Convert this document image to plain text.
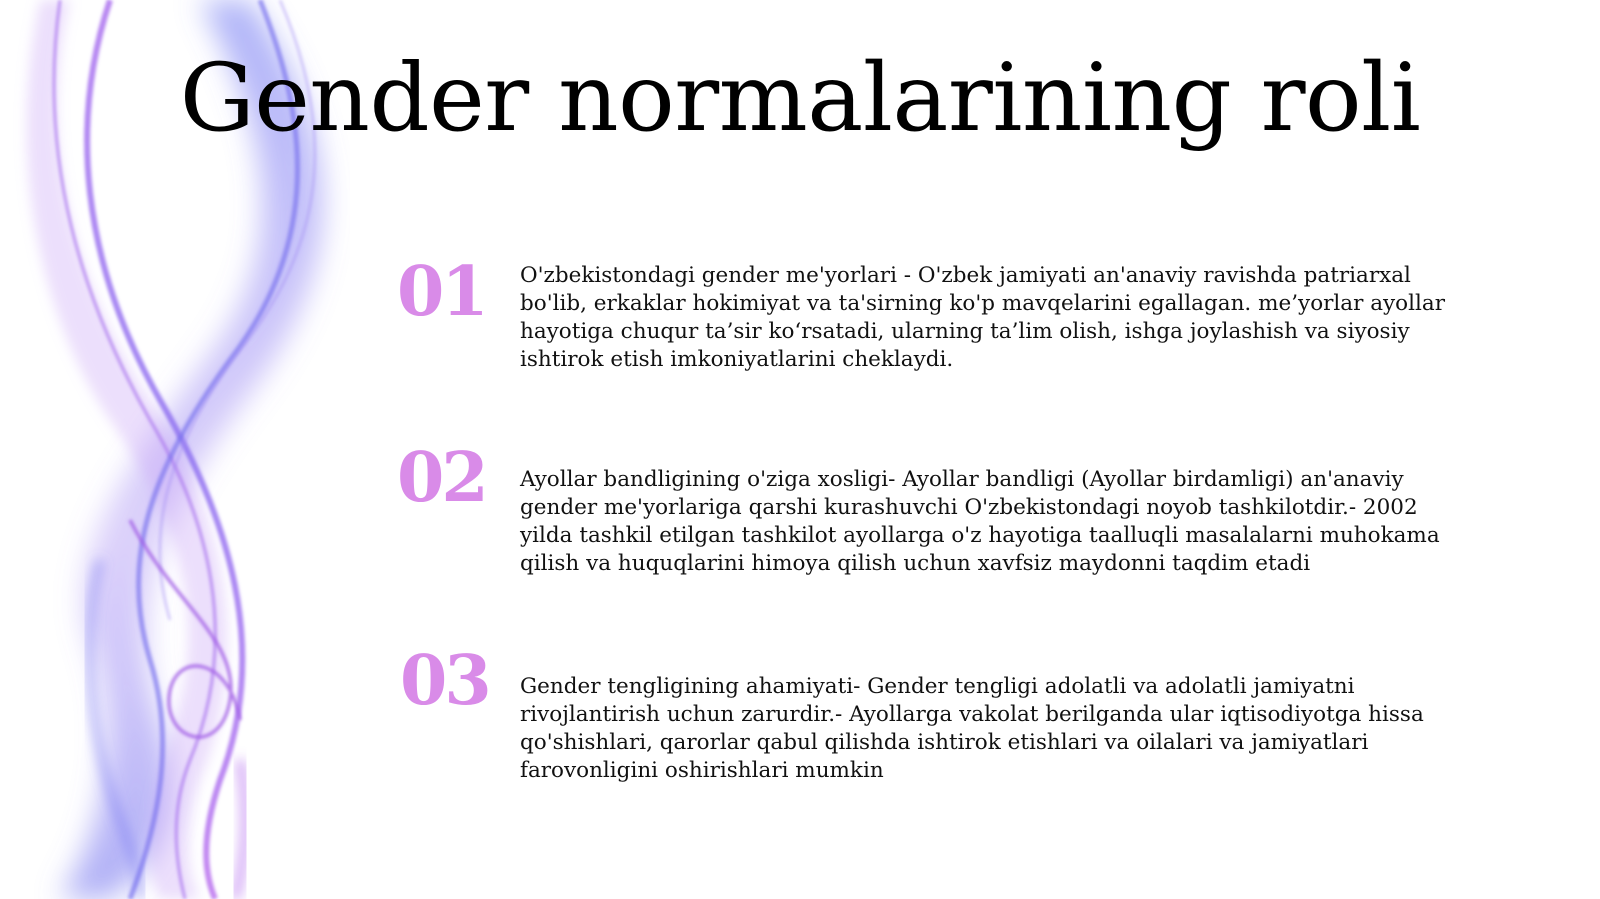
Gender normalarining roli
01	O'zbekistondagi gender me'yorlari - O'zbek jamiyati an'anaviy ravishda patriarxal bo'lib, erkaklar hokimiyat va ta'sirning ko'p mavqelarini egallagan. me’yorlar ayollar hayotiga chuqur ta’sir ko‘rsatadi, ularning ta’lim olish, ishga joylashish va siyosiy ishtirok etish imkoniyatlarini cheklaydi.

02	Ayollar bandligining o'ziga xosligi- Ayollar bandligi (Ayollar birdamligi) an'anaviy gender me'yorlariga qarshi kurashuvchi O'zbekistondagi noyob tashkilotdir.- 2002 yilda tashkil etilgan tashkilot ayollarga o'z hayotiga taalluqli masalalarni muhokama qilish va huquqlarini himoya qilish uchun xavfsiz maydonni taqdim etadi

03	Gender tengligining ahamiyati- Gender tengligi adolatli va adolatli jamiyatni rivojlantirish uchun zarurdir.- Ayollarga vakolat berilganda ular iqtisodiyotga hissa qo'shishlari, qarorlar qabul qilishda ishtirok etishlari va oilalari va jamiyatlari farovonligini oshirishlari mumkin
